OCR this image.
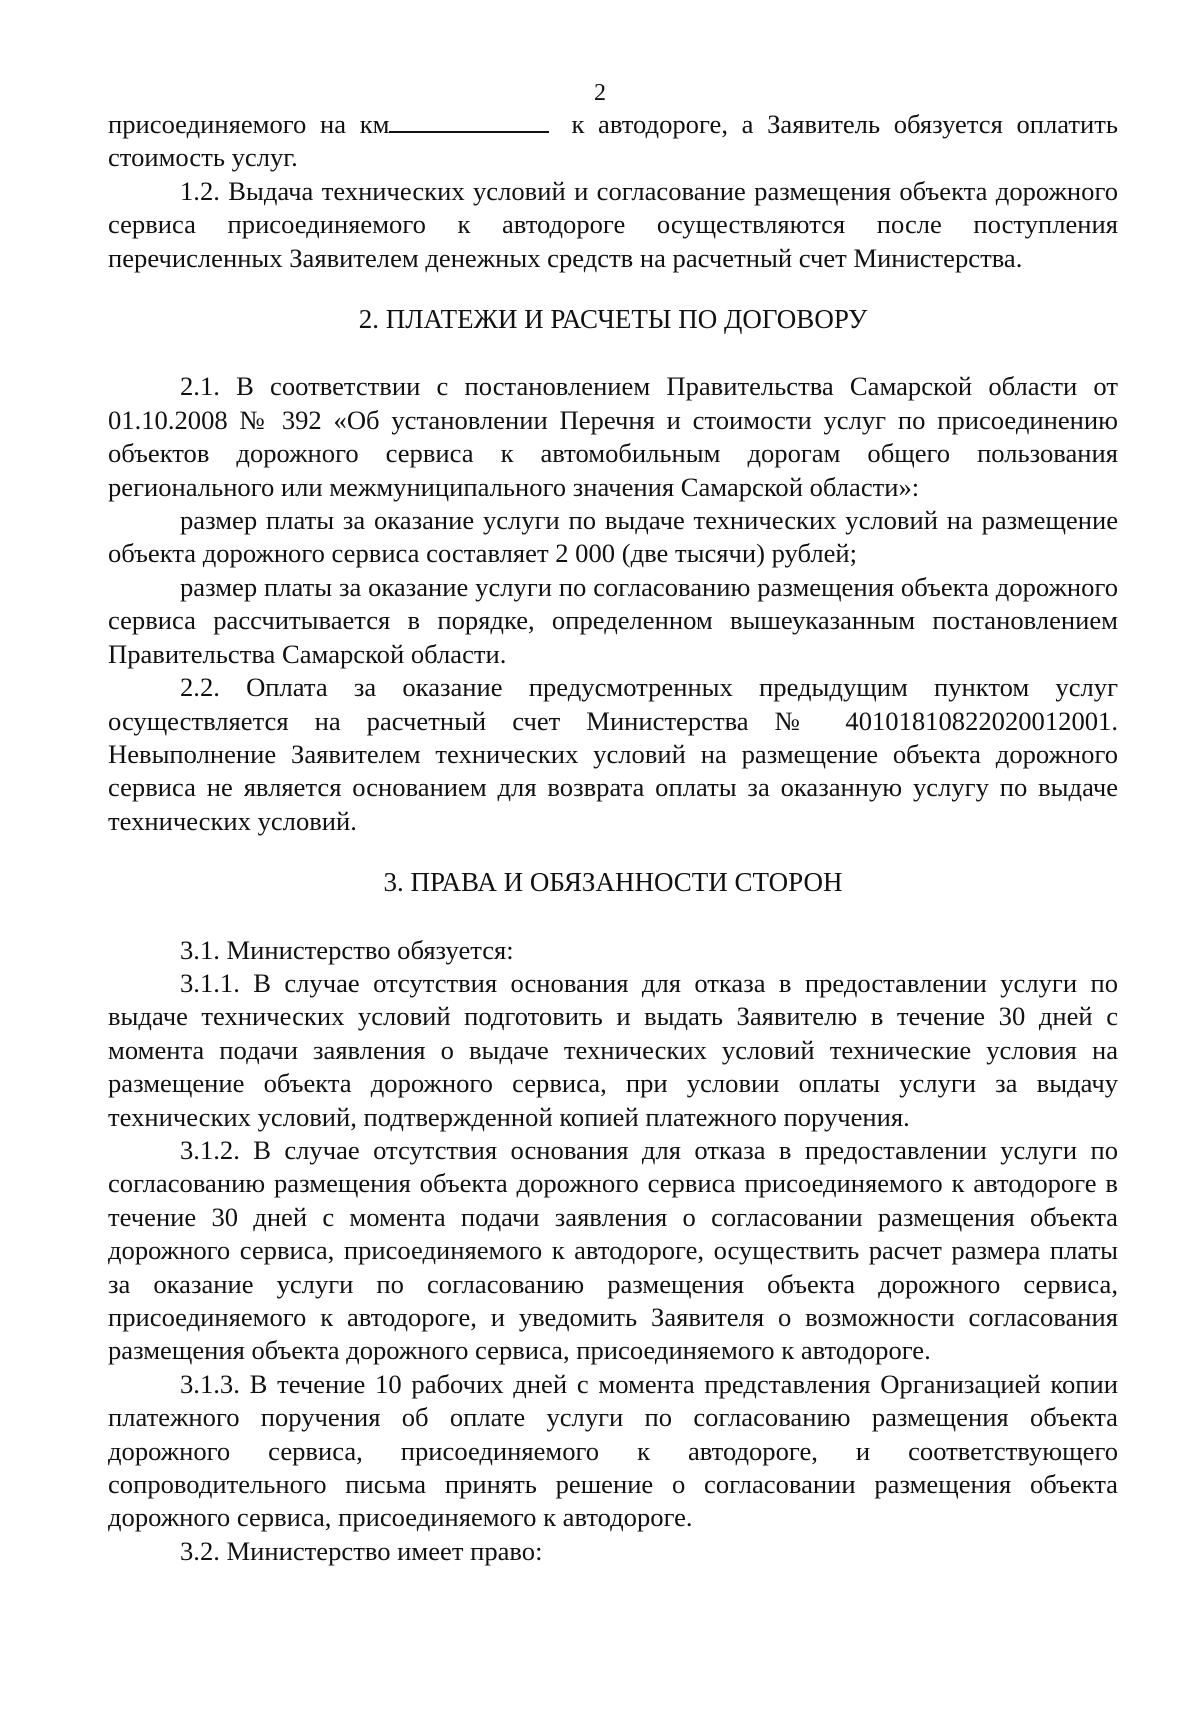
2

присоединяемого на км	к автодороге, а Заявитель обязуется оплатить стоимость услуг.

1.2. Выдача технических условий и согласование размещения объекта дорожного сервиса присоединяемого к автодороге осуществляются после поступления перечисленных Заявителем денежных средств на расчетный счет Министерства.

2. ПЛАТЕЖИ И РАСЧЕТЫ ПО ДОГОВОРУ

2.1. В соответствии с постановлением Правительства Самарской области от 01.10.2008 № 392 «Об установлении Перечня и стоимости услуг по присоединению объектов дорожного сервиса к автомобильным дорогам общего пользования регионального или межмуниципального значения Самарской области»:

размер платы за оказание услуги по выдаче технических условий на размещение объекта дорожного сервиса составляет 2 000 (две тысячи) рублей;

размер платы за оказание услуги по согласованию размещения объекта дорожного сервиса рассчитывается в порядке, определенном вышеуказанным постановлением Правительства Самарской области.

2.2. Оплата за оказание предусмотренных предыдущим пунктом услуг осуществляется на расчетный счет Министерства № 40101810822020012001. Невыполнение Заявителем технических условий на размещение объекта дорожного сервиса не является основанием для возврата оплаты за оказанную услугу по выдаче технических условий.

3. ПРАВА И ОБЯЗАННОСТИ СТОРОН

3.1. Министерство обязуется:

3.1.1. В случае отсутствия основания для отказа в предоставлении услуги по выдаче технических условий подготовить и выдать Заявителю в течение 30 дней с момента подачи заявления о выдаче технических условий технические условия на размещение объекта дорожного сервиса, при условии оплаты услуги за выдачу технических условий, подтвержденной копией платежного поручения.

3.1.2. В случае отсутствия основания для отказа в предоставлении услуги по согласованию размещения объекта дорожного сервиса присоединяемого к автодороге в течение 30 дней с момента подачи заявления о согласовании размещения объекта дорожного сервиса, присоединяемого к автодороге, осуществить расчет размера платы за оказание услуги по согласованию размещения объекта дорожного сервиса, присоединяемого к автодороге, и уведомить Заявителя о возможности согласования размещения объекта дорожного сервиса, присоединяемого к автодороге.

3.1.3. В течение 10 рабочих дней с момента представления Организацией копии платежного поручения об оплате услуги по согласованию размещения объекта дорожного сервиса, присоединяемого к автодороге, и соответствующего сопроводительного письма принять решение о согласовании размещения объекта дорожного сервиса, присоединяемого к автодороге.

3.2. Министерство имеет право:
